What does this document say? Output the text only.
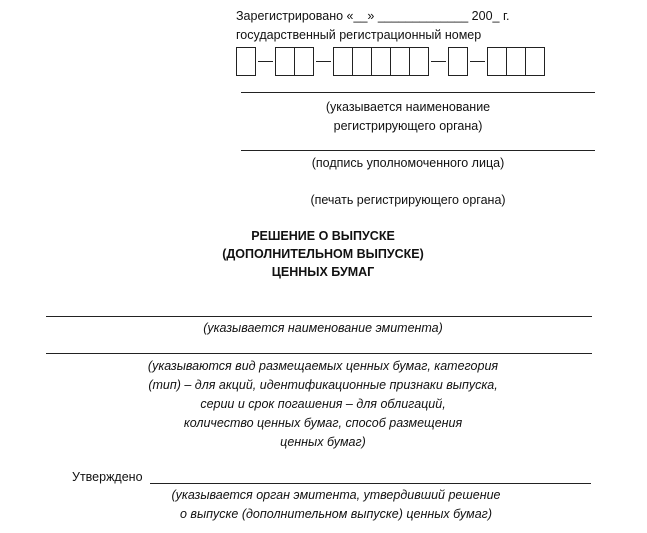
Зарегистрировано «__» _____________ 200_ г.
государственный регистрационный номер
(указывается наименование
регистрирующего органа)
(подпись уполномоченного лица)
(печать регистрирующего органа)
РЕШЕНИЕ О ВЫПУСКЕ
(ДОПОЛНИТЕЛЬНОМ ВЫПУСКЕ)
ЦЕННЫХ БУМАГ
(указывается наименование эмитента)
(указываются вид размещаемых ценных бумаг, категория
(тип) – для акций, идентификационные признаки выпуска,
серии и срок погашения – для облигаций,
количество ценных бумаг, способ размещения
ценных бумаг)
Утверждено
(указывается орган эмитента, утвердивший решение
о выпуске (дополнительном выпуске) ценных бумаг)
